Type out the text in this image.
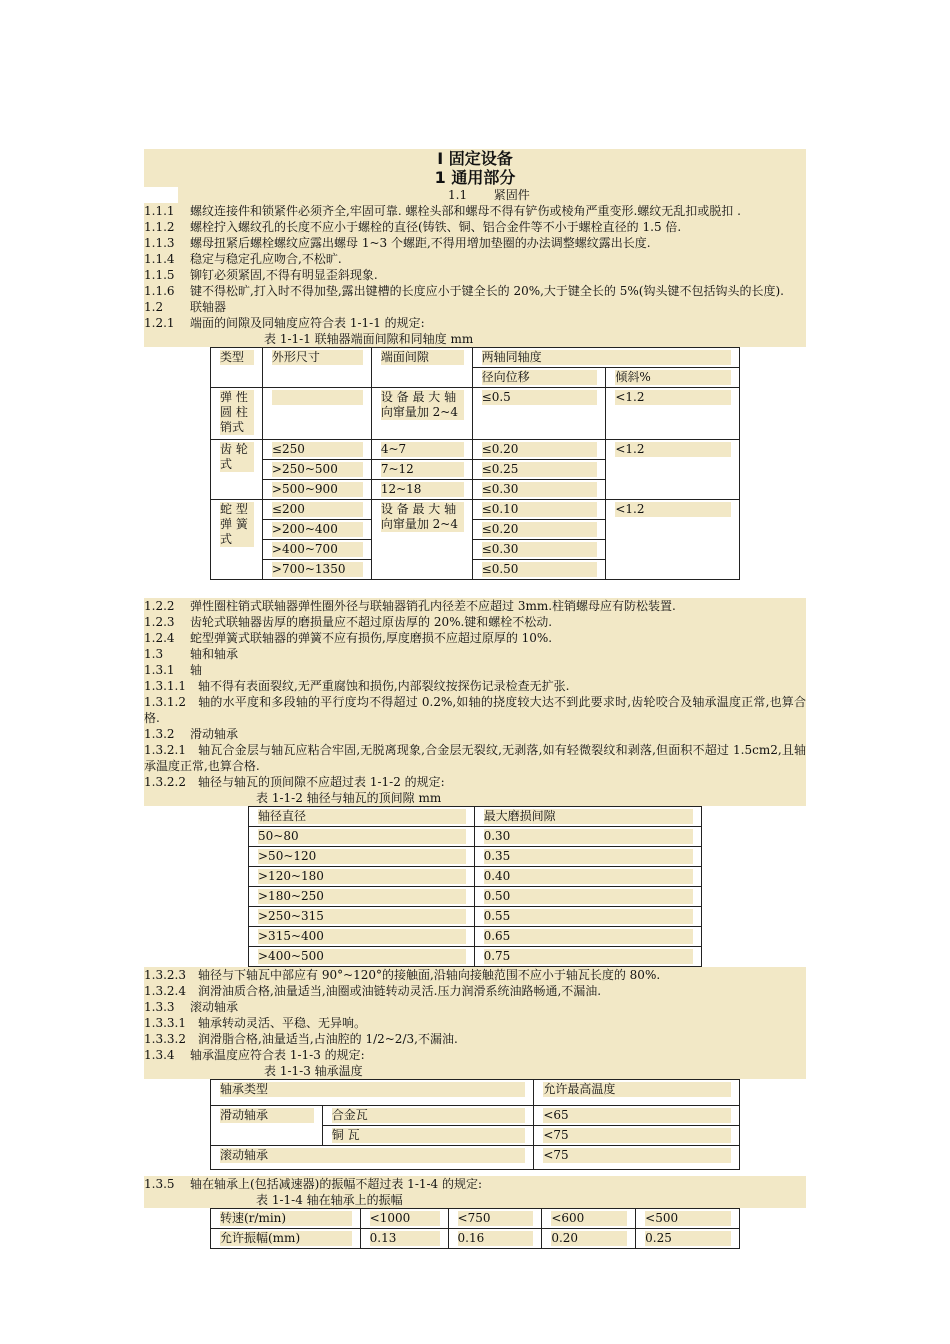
Ⅰ 固定设备
1 通用部分
1.1 紧固件
1.1.1 螺纹连接件和锁紧件必须齐全,牢固可靠. 螺栓头部和螺母不得有铲伤或棱角严重变形.螺纹无乱扣或脱扣 .
1.1.2 螺栓拧入螺纹孔的长度不应小于螺栓的直径(铸铁、铜、铝合金件等不小于螺栓直径的 1.5 倍.
1.1.3 螺母扭紧后螺栓螺纹应露出螺母 1~3 个螺距,不得用增加垫圈的办法调整螺纹露出长度.
1.1.4 稳定与稳定孔应吻合,不松旷.
1.1.5 铆钉必须紧固,不得有明显歪斜现象.
1.1.6 键不得松旷,打入时不得加垫,露出键槽的长度应小于键全长的 20%,大于键全长的 5%(钩头键不包括钩头的长度).
1.2 联轴器
1.2.1 端面的间隙及同轴度应符合表 1-1-1 的规定:
表 1-1-1 联轴器端面间隙和同轴度 mm
类型	外形尺寸	端面间隙	两轴同轴度	

			径向位移	倾斜%

弹 性 圆 柱 销式		设 备 最 大 轴 向窜量加 2~4	≤0.5	<1.2

齿 轮 式	≤250	4~7	≤0.20	<1.2

	>250~500	7~12	≤0.25	

	>500~900	12~18	≤0.30	

蛇 型 弹 簧 式	≤200	设 备 最 大 轴 向窜量加 2~4	≤0.10	<1.2

	>200~400		≤0.20	

	>400~700		≤0.30	

	>700~1350		≤0.50	
1.2.2 弹性圈柱销式联轴器弹性圈外径与联轴器销孔内径差不应超过 3mm.柱销螺母应有防松装置.
1.2.3 齿轮式联轴器齿厚的磨损量应不超过原齿厚的 20%.键和螺栓不松动.
1.2.4 蛇型弹簧式联轴器的弹簧不应有损伤,厚度磨损不应超过原厚的 10%.
1.3 轴和轴承
1.3.1 轴
1.3.1.1 轴不得有表面裂纹,无严重腐蚀和损伤,内部裂纹按探伤记录检查无扩张.
1.3.1.2 轴的水平度和多段轴的平行度均不得超过 0.2%,如轴的挠度较大达不到此要求时,齿轮咬合及轴承温度正常,也算合格.
1.3.2 滑动轴承
1.3.2.1 轴瓦合金层与轴瓦应粘合牢固,无脱离现象,合金层无裂纹,无剥落,如有轻微裂纹和剥落,但面积不超过 1.5cm2,且轴承温度正常,也算合格.
1.3.2.2 轴径与轴瓦的顶间隙不应超过表 1-1-2 的规定:
表 1-1-2 轴径与轴瓦的顶间隙 mm
轴径直径	最大磨损间隙

50~80	0.30

>50~120	0.35

>120~180	0.40

>180~250	0.50

>250~315	0.55

>315~400	0.65

>400~500	0.75
1.3.2.3 轴径与下轴瓦中部应有 90°~120°的接触面,沿轴向接触范围不应小于轴瓦长度的 80%.
1.3.2.4 润滑油质合格,油量适当,油圈或油链转动灵活.压力润滑系统油路畅通,不漏油.
1.3.3 滚动轴承
1.3.3.1 轴承转动灵活、平稳、无异响。
1.3.3.2 润滑脂合格,油量适当,占油腔的 1/2~2/3,不漏油.
1.3.4 轴承温度应符合表 1-1-3 的规定:
表 1-1-3 轴承温度
轴承类型		允许最高温度

滑动轴承	合金瓦	<65

	铜 瓦	<75

滚动轴承		<75
1.3.5 轴在轴承上(包括减速器)的振幅不超过表 1-1-4 的规定:
表 1-1-4 轴在轴承上的振幅
转速(r/min)	<1000	<750	<600	<500

允许振幅(mm)	0.13	0.16	0.20	0.25
